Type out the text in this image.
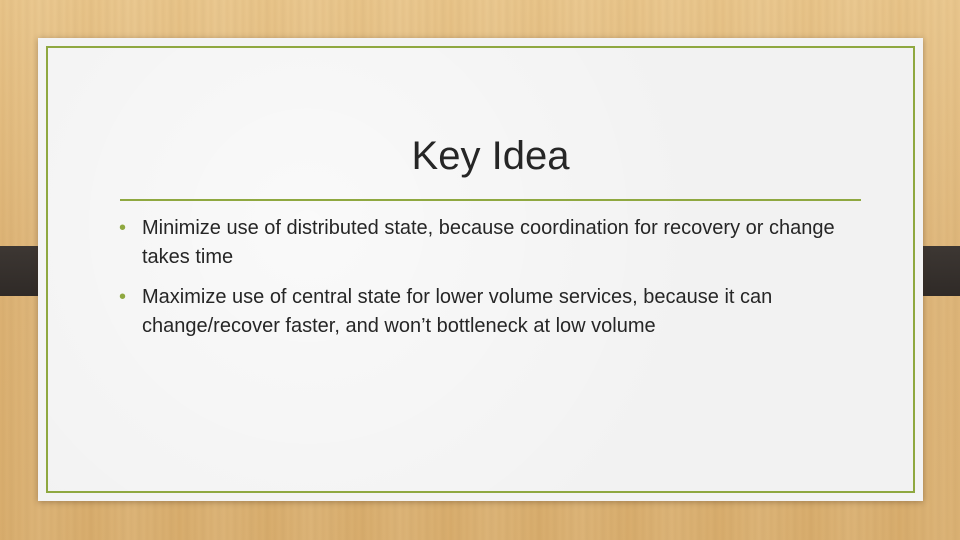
Key Idea
• Minimize use of distributed state, because coordination for recovery or change takes time
• Maximize use of central state for lower volume services, because it can change/recover faster, and won’t bottleneck at low volume
